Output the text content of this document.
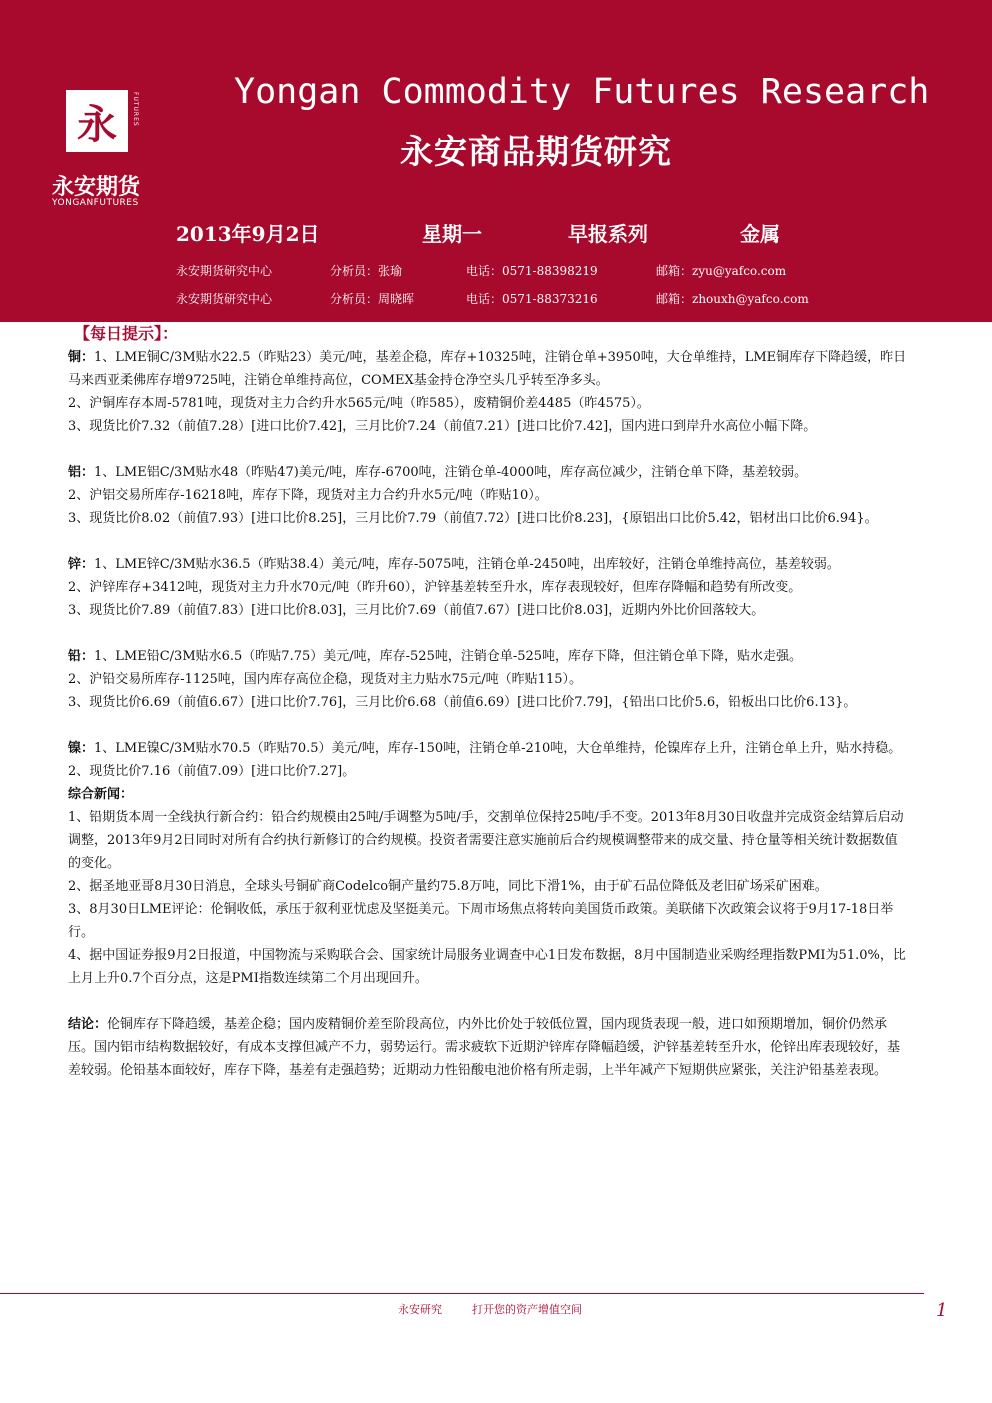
永	FUTURES
永安期货
YONGANFUTURES
Yongan Commodity Futures Research
永安商品期货研究
2013年9月2日	星期一	早报系列	金属
永安期货研究中心	分析员：张瑜	电话：0571-88398219	邮箱：zyu@yafco.com
永安期货研究中心	分析员：周晓晖	电话：0571-88373216	邮箱：zhouxh@yafco.com

【每日提示】：

铜：1、LME铜C/3M贴水22.5（昨贴23）美元/吨，基差企稳，库存+10325吨，注销仓单+3950吨，大仓单维持，LME铜库存下降趋缓，昨日马来西亚柔佛库存增9725吨，注销仓单维持高位，COMEX基金持仓净空头几乎转至净多头。

2、沪铜库存本周-5781吨，现货对主力合约升水565元/吨（昨585），废精铜价差4485（昨4575）。

3、现货比价7.32（前值7.28）[进口比价7.42]，三月比价7.24（前值7.21）[进口比价7.42]，国内进口到岸升水高位小幅下降。

铝：1、LME铝C/3M贴水48（昨贴47)美元/吨，库存-6700吨，注销仓单-4000吨，库存高位减少，注销仓单下降，基差较弱。

2、沪铝交易所库存-16218吨，库存下降，现货对主力合约升水5元/吨（昨贴10）。

3、现货比价8.02（前值7.93）[进口比价8.25]，三月比价7.79（前值7.72）[进口比价8.23]，{原铝出口比价5.42，铝材出口比价6.94}。

锌：1、LME锌C/3M贴水36.5（昨贴38.4）美元/吨，库存-5075吨，注销仓单-2450吨，出库较好，注销仓单维持高位，基差较弱。

2、沪锌库存+3412吨，现货对主力升水70元/吨（昨升60），沪锌基差转至升水，库存表现较好，但库存降幅和趋势有所改变。

3、现货比价7.89（前值7.83）[进口比价8.03]，三月比价7.69（前值7.67）[进口比价8.03]，近期内外比价回落较大。

铅：1、LME铅C/3M贴水6.5（昨贴7.75）美元/吨，库存-525吨，注销仓单-525吨，库存下降，但注销仓单下降，贴水走强。

2、沪铅交易所库存-1125吨，国内库存高位企稳，现货对主力贴水75元/吨（昨贴115）。

3、现货比价6.69（前值6.67）[进口比价7.76]，三月比价6.68（前值6.69）[进口比价7.79]，{铅出口比价5.6，铅板出口比价6.13}。

镍：1、LME镍C/3M贴水70.5（昨贴70.5）美元/吨，库存-150吨，注销仓单-210吨，大仓单维持，伦镍库存上升，注销仓单上升，贴水持稳。

2、现货比价7.16（前值7.09）[进口比价7.27]。

综合新闻：

1、铅期货本周一全线执行新合约：铅合约规模由25吨/手调整为5吨/手，交割单位保持25吨/手不变。2013年8月30日收盘并完成资金结算后启动调整，2013年9月2日同时对所有合约执行新修订的合约规模。投资者需要注意实施前后合约规模调整带来的成交量、持仓量等相关统计数据数值的变化。

2、据圣地亚哥8月30日消息，全球头号铜矿商Codelco铜产量约75.8万吨，同比下滑1%，由于矿石品位降低及老旧矿场采矿困难。

3、8月30日LME评论：伦铜收低，承压于叙利亚忧虑及坚挺美元。下周市场焦点将转向美国货币政策。美联储下次政策会议将于9月17-18日举行。

4、据中国证券报9月2日报道，中国物流与采购联合会、国家统计局服务业调查中心1日发布数据，8月中国制造业采购经理指数PMI为51.0%，比上月上升0.7个百分点，这是PMI指数连续第二个月出现回升。

结论：伦铜库存下降趋缓，基差企稳；国内废精铜价差至阶段高位，内外比价处于较低位置，国内现货表现一般，进口如预期增加，铜价仍然承压。国内铝市结构数据较好，有成本支撑但减产不力，弱势运行。需求疲软下近期沪锌库存降幅趋缓，沪锌基差转至升水，伦锌出库表现较好，基差较弱。伦铅基本面较好，库存下降，基差有走强趋势；近期动力性铅酸电池价格有所走弱，上半年减产下短期供应紧张，关注沪铅基差表现。

永安研究	打开您的资产增值空间	1
